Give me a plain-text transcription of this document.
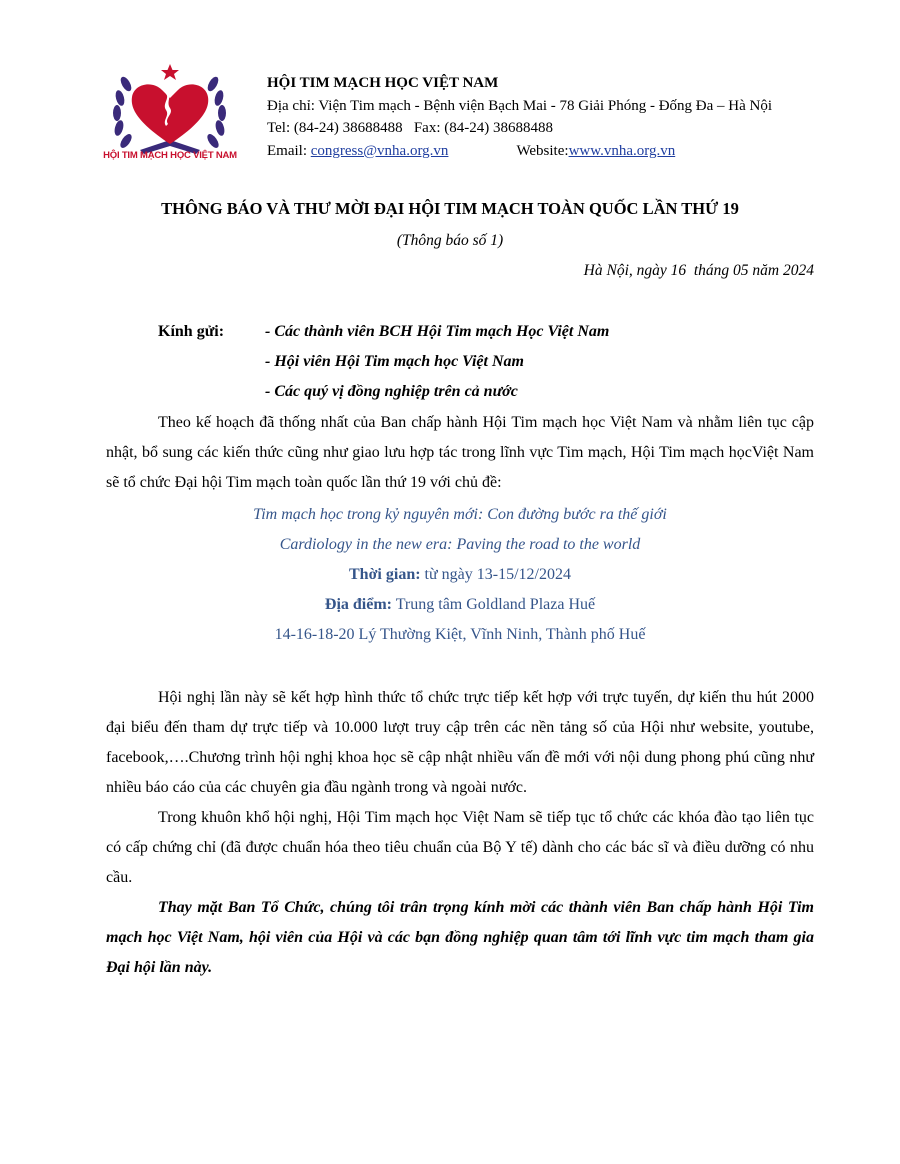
HỘI TIM MẠCH HỌC VIỆT NAM
HỘI TIM MẠCH HỌC VIỆT NAM
Địa chỉ: Viện Tim mạch - Bệnh viện Bạch Mai - 78 Giải Phóng - Đống Đa – Hà Nội
Tel: (84-24) 38688488   Fax: (84-24) 38688488
Email: congress@vnha.org.vn	Website:www.vnha.org.vn
THÔNG BÁO VÀ THƯ MỜI ĐẠI HỘI TIM MẠCH TOÀN QUỐC LẦN THỨ 19
(Thông báo số 1)
Hà Nội, ngày 16  tháng 05 năm 2024
Kính gửi:	- Các thành viên BCH Hội Tim mạch Học Việt Nam
- Hội viên Hội Tim mạch học Việt Nam
- Các quý vị đồng nghiệp trên cả nước
Theo kế hoạch đã thống nhất của Ban chấp hành Hội Tim mạch học Việt Nam và nhằm liên tục cập nhật, bổ sung các kiến thức cũng như giao lưu hợp tác trong lĩnh vực Tim mạch, Hội Tim mạch họcViệt Nam sẽ tổ chức Đại hội Tim mạch toàn quốc lần thứ 19 với chủ đề:
Tim mạch học trong kỷ nguyên mới: Con đường bước ra thế giới
Cardiology in the new era: Paving the road to the world
Thời gian: từ ngày 13-15/12/2024
Địa điểm: Trung tâm Goldland Plaza Huế
14-16-18-20 Lý Thường Kiệt, Vĩnh Ninh, Thành phố Huế
Hội nghị lần này sẽ kết hợp hình thức tổ chức trực tiếp kết hợp với trực tuyến, dự kiến thu hút 2000 đại biểu đến tham dự trực tiếp và 10.000 lượt truy cập trên các nền tảng số của Hội như website, youtube, facebook,….Chương trình hội nghị khoa học sẽ cập nhật nhiều vấn đề mới với nội dung phong phú cũng như nhiều báo cáo của các chuyên gia đầu ngành trong và ngoài nước.
Trong khuôn khổ hội nghị, Hội Tim mạch học Việt Nam sẽ tiếp tục tổ chức các khóa đào tạo liên tục có cấp chứng chỉ (đã được chuẩn hóa theo tiêu chuẩn của Bộ Y tế) dành cho các bác sĩ và điều dưỡng có nhu cầu.
Thay mặt Ban Tổ Chức, chúng tôi trân trọng kính mời các thành viên Ban chấp hành Hội Tim mạch học Việt Nam, hội viên của Hội và các bạn đồng nghiệp quan tâm tới lĩnh vực tim mạch tham gia Đại hội lần này.
